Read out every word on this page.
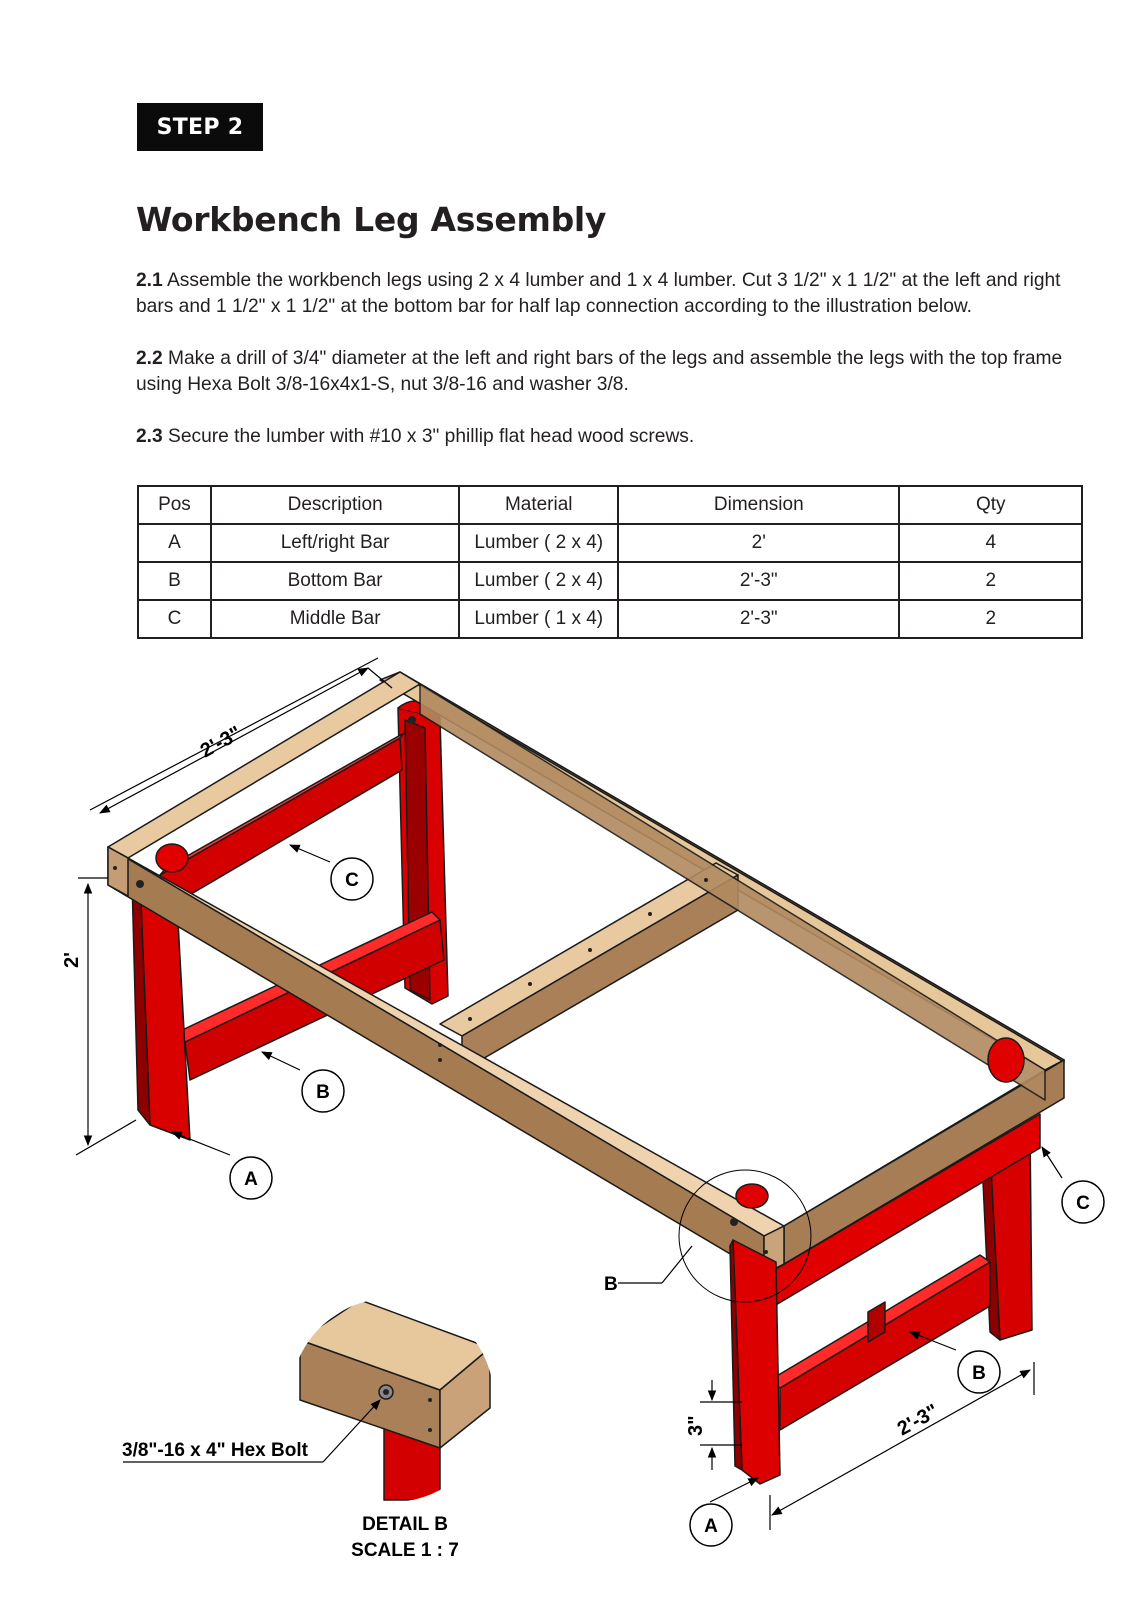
STEP 2
Workbench Leg Assembly

2.1 Assemble the workbench legs using 2 x 4 lumber and 1 x 4 lumber. Cut 3 1/2" x 1 1/2" at the left and right bars and 1 1/2" x 1 1/2" at the bottom bar for half lap connection according to the illustration below.

2.2 Make a drill of 3/4" diameter at the left and right bars of the legs and assemble the legs with the top frame using Hexa Bolt 3/8-16x4x1-S, nut 3/8-16 and washer 3/8.

2.3 Secure the lumber with #10 x 3" phillip flat head wood screws.

Pos	Description	Material	Dimension	Qty
A	Left/right Bar	Lumber ( 2 x 4)	2'	4
B	Bottom Bar	Lumber ( 2 x 4)	2'-3"	2
C	Middle Bar	Lumber ( 1 x 4)	2'-3"	2
2'-3"
2'
2'-3"
3"
C
B
A
C
B
A
B
3/8"-16 x 4" Hex Bolt
DETAIL B
SCALE 1 : 7
